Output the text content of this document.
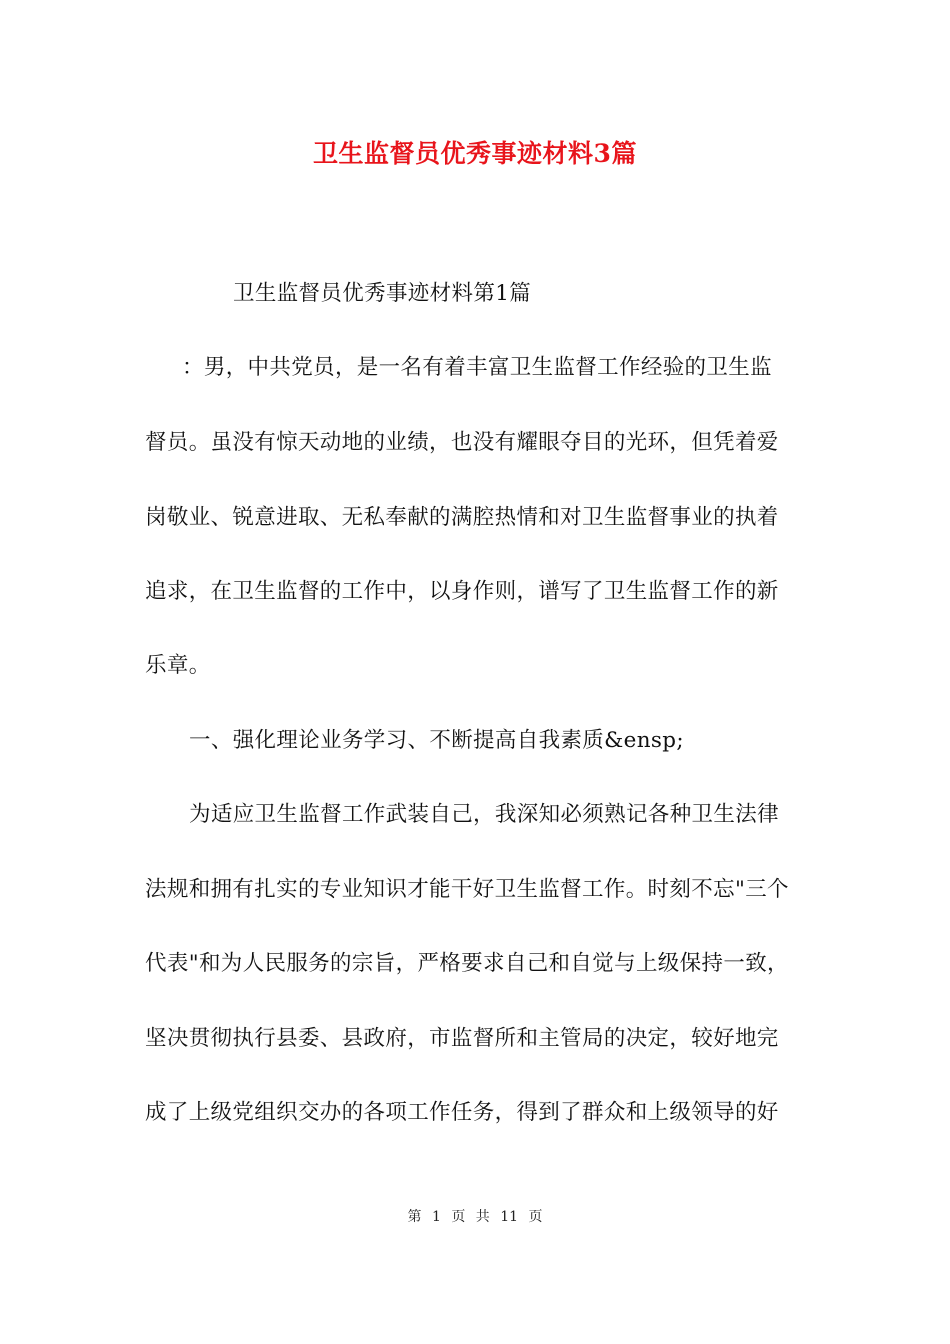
卫生监督员优秀事迹材料3篇
卫生监督员优秀事迹材料第1篇
：男，中共党员，是一名有着丰富卫生监督工作经验的卫生监
督员。虽没有惊天动地的业绩，也没有耀眼夺目的光环，但凭着爱
岗敬业、锐意进取、无私奉献的满腔热情和对卫生监督事业的执着
追求，在卫生监督的工作中，以身作则，谱写了卫生监督工作的新
乐章。
一、强化理论业务学习、不断提高自我素质&ensp;
为适应卫生监督工作武装自己，我深知必须熟记各种卫生法律
法规和拥有扎实的专业知识才能干好卫生监督工作。时刻不忘"三个
代表"和为人民服务的宗旨，严格要求自己和自觉与上级保持一致，
坚决贯彻执行县委、县政府，市监督所和主管局的决定，较好地完
成了上级党组织交办的各项工作任务，得到了群众和上级领导的好
第 1 页 共 11 页
